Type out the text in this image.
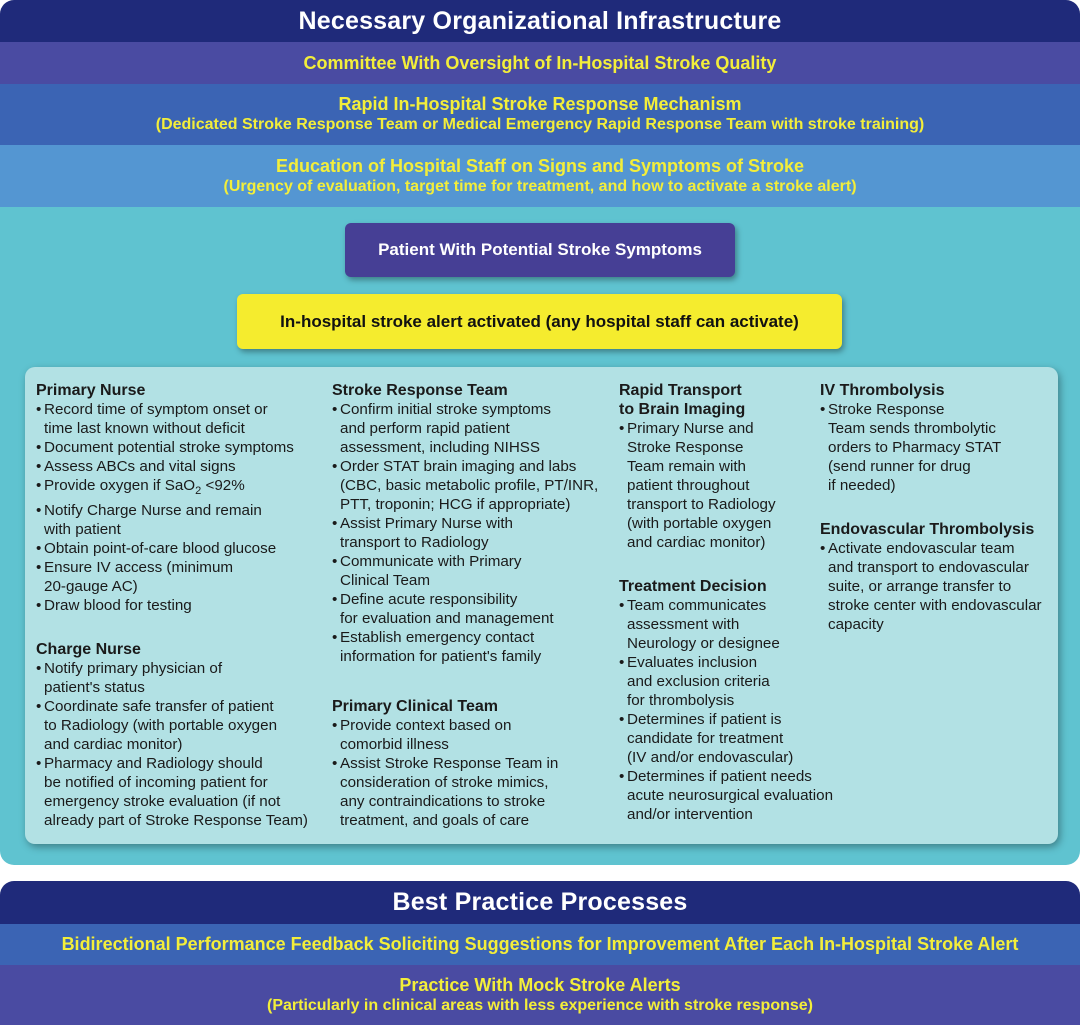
Necessary Organizational Infrastructure
Committee With Oversight of In-Hospital Stroke Quality
Rapid In-Hospital Stroke Response Mechanism
(Dedicated Stroke Response Team or Medical Emergency Rapid Response Team with stroke training)
Education of Hospital Staff on Signs and Symptoms of Stroke
(Urgency of evaluation, target time for treatment, and how to activate a stroke alert)
Patient With Potential Stroke Symptoms
In-hospital stroke alert activated (any hospital staff can activate)
Primary Nurse
• Record time of symptom onset or
time last known without deficit
• Document potential stroke symptoms
• Assess ABCs and vital signs
• Provide oxygen if SaO$_2$ <92%
• Notify Charge Nurse and remain
with patient
• Obtain point-of-care blood glucose
• Ensure IV access (minimum
20-gauge AC)
• Draw blood for testing
Charge Nurse
• Notify primary physician of
patient's status
• Coordinate safe transfer of patient
to Radiology (with portable oxygen
and cardiac monitor)
• Pharmacy and Radiology should
be notified of incoming patient for
emergency stroke evaluation (if not
already part of Stroke Response Team)
Stroke Response Team
• Confirm initial stroke symptoms
and perform rapid patient
assessment, including NIHSS
• Order STAT brain imaging and labs
(CBC, basic metabolic profile, PT/INR,
PTT, troponin; HCG if appropriate)
• Assist Primary Nurse with
transport to Radiology
• Communicate with Primary
Clinical Team
• Define acute responsibility
for evaluation and management
• Establish emergency contact
information for patient's family
Primary Clinical Team
• Provide context based on
comorbid illness
• Assist Stroke Response Team in
consideration of stroke mimics,
any contraindications to stroke
treatment, and goals of care
Rapid Transport
to Brain Imaging
• Primary Nurse and
Stroke Response
Team remain with
patient throughout
transport to Radiology
(with portable oxygen
and cardiac monitor)
Treatment Decision
• Team communicates
assessment with
Neurology or designee
• Evaluates inclusion
and exclusion criteria
for thrombolysis
• Determines if patient is
candidate for treatment
(IV and/or endovascular)
• Determines if patient needs
acute neurosurgical evaluation
and/or intervention
IV Thrombolysis
• Stroke Response
Team sends thrombolytic
orders to Pharmacy STAT
(send runner for drug
if needed)
Endovascular Thrombolysis
• Activate endovascular team
and transport to endovascular
suite, or arrange transfer to
stroke center with endovascular
capacity
Best Practice Processes
Bidirectional Performance Feedback Soliciting Suggestions for Improvement After Each In-Hospital Stroke Alert
Practice With Mock Stroke Alerts
(Particularly in clinical areas with less experience with stroke response)
